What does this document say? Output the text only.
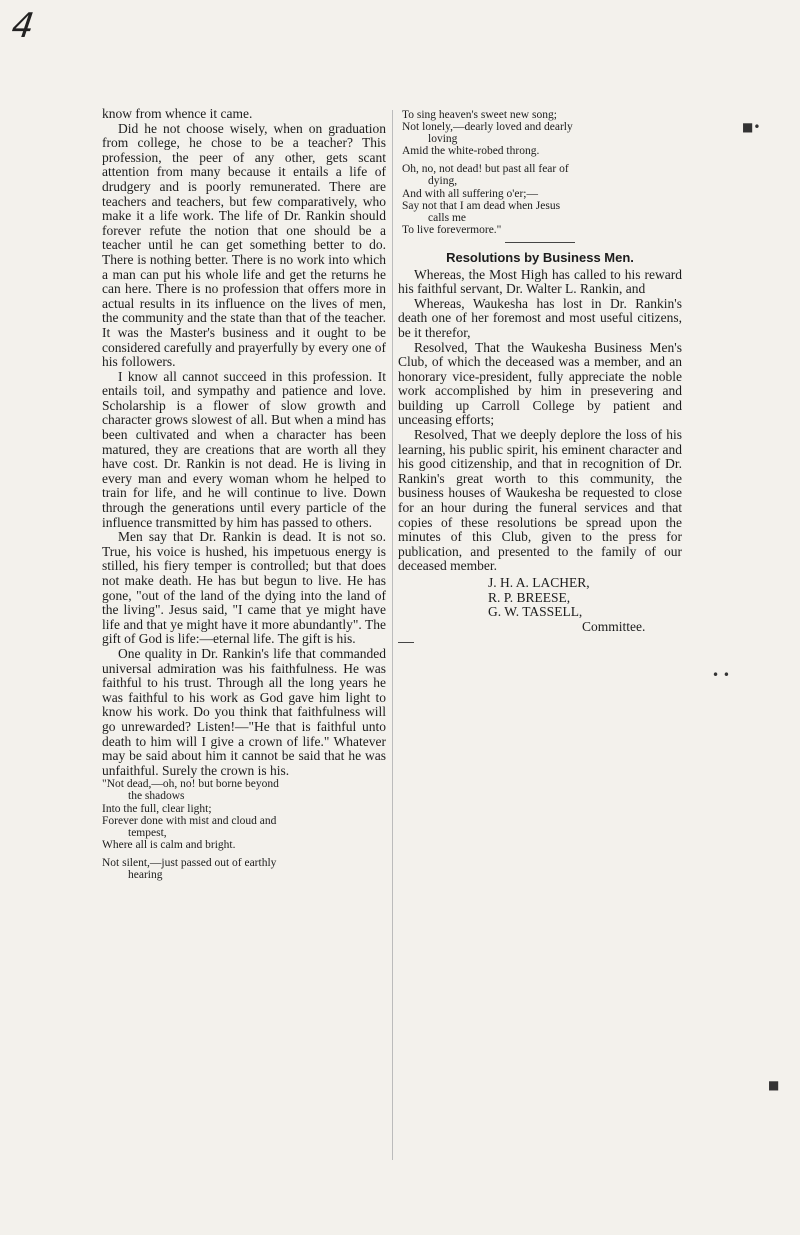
4

know from whence it came.

Did he not choose wisely, when on graduation from college, he chose to be a teacher? This profession, the peer of any other, gets scant attention from many because it entails a life of drudgery and is poorly remunerated. There are teachers and teachers, but few comparatively, who make it a life work. The life of Dr. Rankin should forever refute the notion that one should be a teacher until he can get something better to do. There is nothing better. There is no work into which a man can put his whole life and get the returns he can here. There is no profession that offers more in actual results in its influence on the lives of men, the community and the state than that of the teacher. It was the Master's business and it ought to be considered carefully and prayerfully by every one of his followers.

I know all cannot succeed in this profession. It entails toil, and sympathy and patience and love. Scholarship is a flower of slow growth and character grows slowest of all. But when a mind has been cultivated and when a character has been matured, they are creations that are worth all they have cost. Dr. Rankin is not dead. He is living in every man and every woman whom he helped to train for life, and he will continue to live. Down through the generations until every particle of the influence transmitted by him has passed to others.

Men say that Dr. Rankin is dead. It is not so. True, his voice is hushed, his impetuous energy is stilled, his fiery temper is controlled; but that does not make death. He has but begun to live. He has gone, "out of the land of the dying into the land of the living". Jesus said, "I came that ye might have life and that ye might have it more abundantly". The gift of God is life:—eternal life. The gift is his.

One quality in Dr. Rankin's life that commanded universal admiration was his faithfulness. He was faithful to his trust. Through all the long years he was faithful to his work as God gave him light to know his work. Do you think that faithfulness will go unrewarded? Listen!—"He that is faithful unto death to him will I give a crown of life." Whatever may be said about him it cannot be said that he was unfaithful. Surely the crown is his.

"Not dead,—oh, no! but borne beyond
the shadows
Into the full, clear light;
Forever done with mist and cloud and
tempest,
Where all is calm and bright.
Not silent,—just passed out of earthly
hearing
To sing heaven's sweet new song;
Not lonely,—dearly loved and dearly
loving
Amid the white-robed throng.
Oh, no, not dead! but past all fear of
dying,
And with all suffering o'er;—
Say not that I am dead when Jesus
calls me
To live forevermore."
Resolutions by Business Men.

Whereas, the Most High has called to his reward his faithful servant, Dr. Walter L. Rankin, and

Whereas, Waukesha has lost in Dr. Rankin's death one of her foremost and most useful citizens, be it therefor,

Resolved, That the Waukesha Business Men's Club, of which the deceased was a member, and an honorary vice-president, fully appreciate the noble work accomplished by him in presevering and building up Carroll College by patient and unceasing efforts;

Resolved, That we deeply deplore the loss of his learning, his public spirit, his eminent character and his good citizenship, and that in recognition of Dr. Rankin's great worth to this community, the business houses of Waukesha be requested to close for an hour during the funeral services and that copies of these resolutions be spread upon the minutes of this Club, given to the press for publication, and presented to the family of our deceased member.

J. H. A. LACHER,
R. P. BREESE,
G. W. TASSELL,
Committee.
■•
• •
■
